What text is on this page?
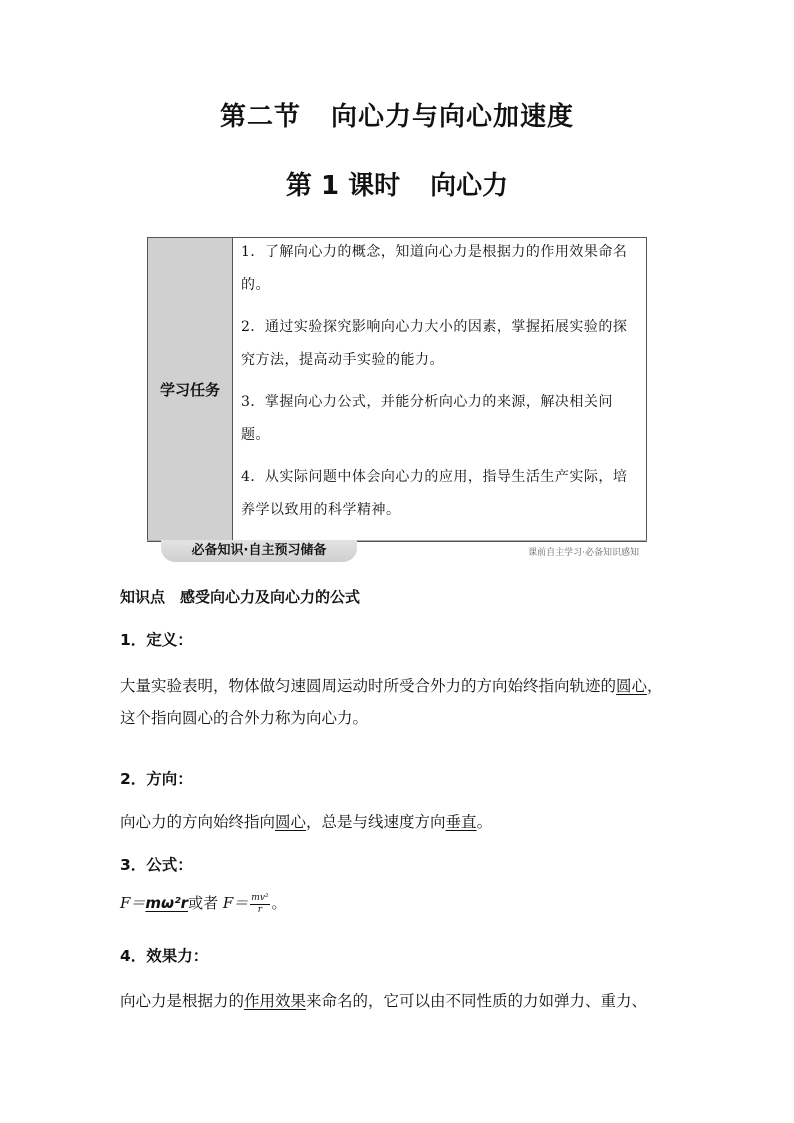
第二节 向心力与向心加速度
第 1 课时 向心力
学习任务

1．了解向心力的概念，知道向心力是根据力的作用效果命名的。

2．通过实验探究影响向心力大小的因素，掌握拓展实验的探究方法，提高动手实验的能力。

3．掌握向心力公式，并能分析向心力的来源，解决相关问题。

4．从实际问题中体会向心力的应用，指导生活生产实际，培养学以致用的科学精神。

必备知识·自主预习储备	课前自主学习·必备知识感知
知识点　感受向心力及向心力的公式
1．定义：
大量实验表明，物体做匀速圆周运动时所受合外力的方向始终指向轨迹的圆心，这个指向圆心的合外力称为向心力。
2．方向：
向心力的方向始终指向圆心，总是与线速度方向垂直。
3．公式：
F＝mω²r或者 $F= \frac{\text{mv²}}{r}$ 。
4．效果力：
向心力是根据力的作用效果来命名的，它可以由不同性质的力如弹力、重力、
